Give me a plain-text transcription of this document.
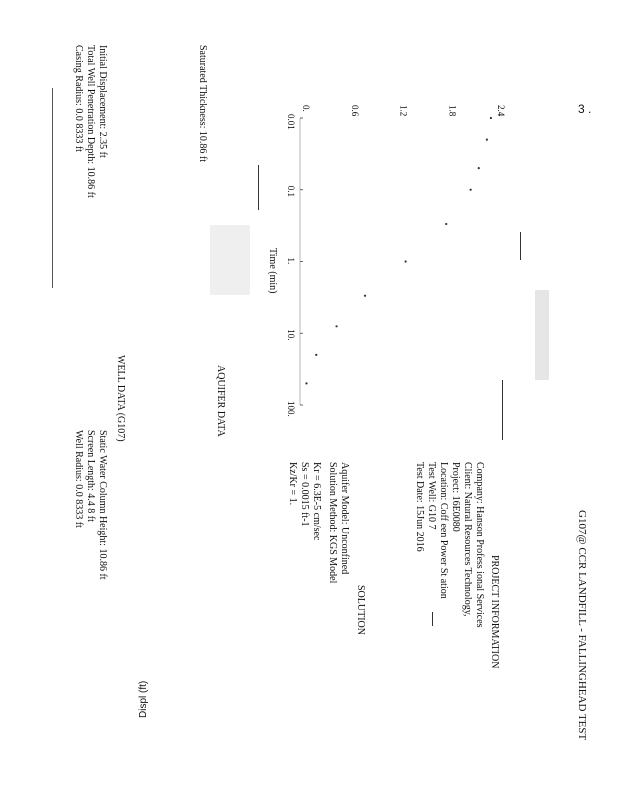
3 .
G107@ CCR LANDFILL - FALLINGHEAD TEST
PROJECT INFORMATION
Company: Hanson Profess ional Services
Client: Natural Resources Technology,
Project: 16E0080
Location: Coff een Power St ation
Test Well: G10 7
Test Date: 15Jun 2016
SOLUTION
Aquifer Model: Unconfined
Solution Method: KGS Model
Kr = 6.3E-5 cm/sec
Ss = 0.0015 ft-1
Kz/Kr = 1.
AQUIFER DATA
Saturated Thickness: 10.86 ft
WELL DATA (G107)
Initial Displacement: 2.35 ft
Total Well Penetration Depth: 10.86 ft
Casing Radius: 0.0 8333 ft
Static Water Column Height: 10.86 ft
Screen Length: 4.4 8 ft
Well Radius: 0.0 8333 ft
Displ (ft)
0.01
0.1
1.
10.
100.
0.	0.6	1.2	1.8	2.4
Time (min)
